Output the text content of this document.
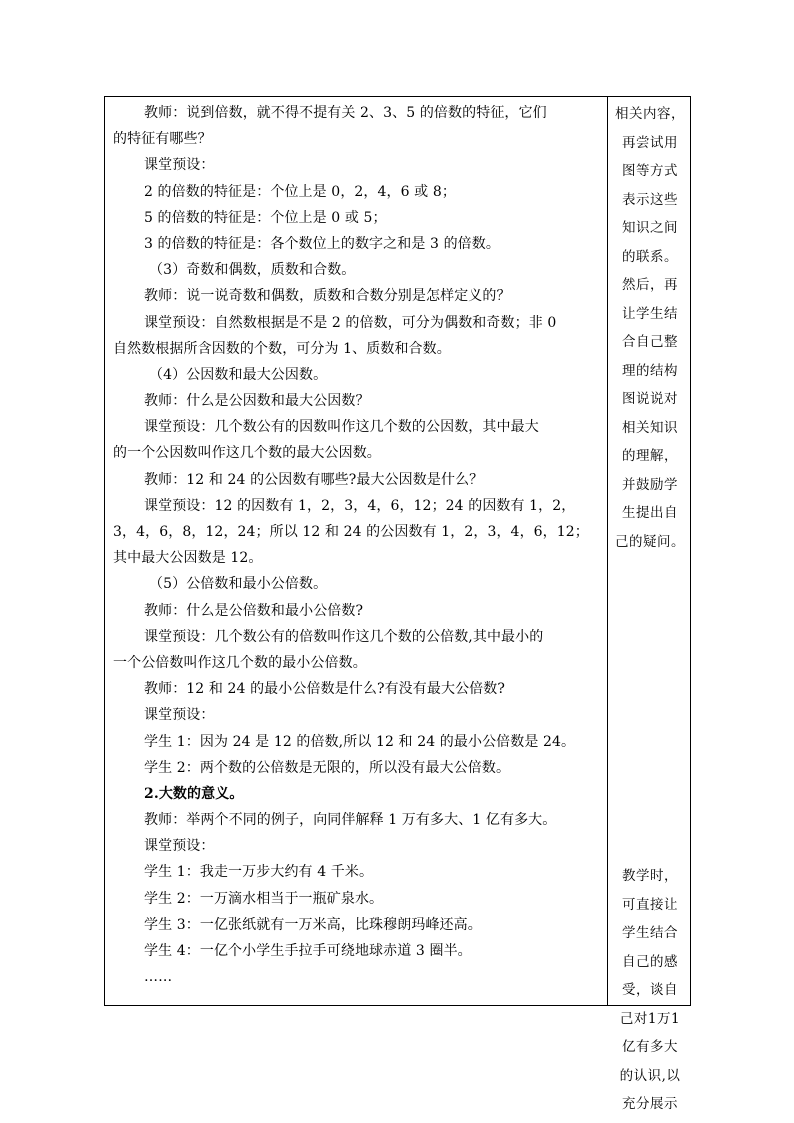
教师：说到倍数，就不得不提有关 2、3、5 的倍数的特征，它们
的特征有哪些？
课堂预设：
2 的倍数的特征是：个位上是 0，2，4，6 或 8；
5 的倍数的特征是：个位上是 0 或 5；
3 的倍数的特征是：各个数位上的数字之和是 3 的倍数。
（3）奇数和偶数，质数和合数。
教师：说一说奇数和偶数，质数和合数分别是怎样定义的？
课堂预设：自然数根据是不是 2 的倍数，可分为偶数和奇数；非 0
自然数根据所含因数的个数，可分为 1、质数和合数。
（4）公因数和最大公因数。
教师：什么是公因数和最大公因数？
课堂预设：几个数公有的因数叫作这几个数的公因数，其中最大
的一个公因数叫作这几个数的最大公因数。
教师：12 和 24 的公因数有哪些?最大公因数是什么？
课堂预设：12 的因数有 1，2，3，4，6，12；24 的因数有 1，2，
3，4，6，8，12，24；所以 12 和 24 的公因数有 1，2，3，4，6，12；
其中最大公因数是 12。
（5）公倍数和最小公倍数。
教师：什么是公倍数和最小公倍数?
课堂预设：几个数公有的倍数叫作这几个数的公倍数,其中最小的
一个公倍数叫作这几个数的最小公倍数。
教师：12 和 24 的最小公倍数是什么?有没有最大公倍数?
课堂预设：
学生 1：因为 24 是 12 的倍数,所以 12 和 24 的最小公倍数是 24。
学生 2：两个数的公倍数是无限的，所以没有最大公倍数。
2.大数的意义。
教师：举两个不同的例子，向同伴解释 1 万有多大、1 亿有多大。
课堂预设：
学生 1：我走一万步大约有 4 千米。
学生 2：一万滴水相当于一瓶矿泉水。
学生 3：一亿张纸就有一万米高，比珠穆朗玛峰还高。
学生 4：一亿个小学生手拉手可绕地球赤道 3 圈半。
……
相关内容，
再尝试用
图等方式
表示这些
知识之间
的联系。
然后，再
让学生结
合自己整
理的结构
图说说对
相关知识
的理解，
并鼓励学
生提出自
己的疑问。
教学时，
可直接让
学生结合
自己的感
受，谈自
己对1万1
亿有多大
的认识,以
充分展示
